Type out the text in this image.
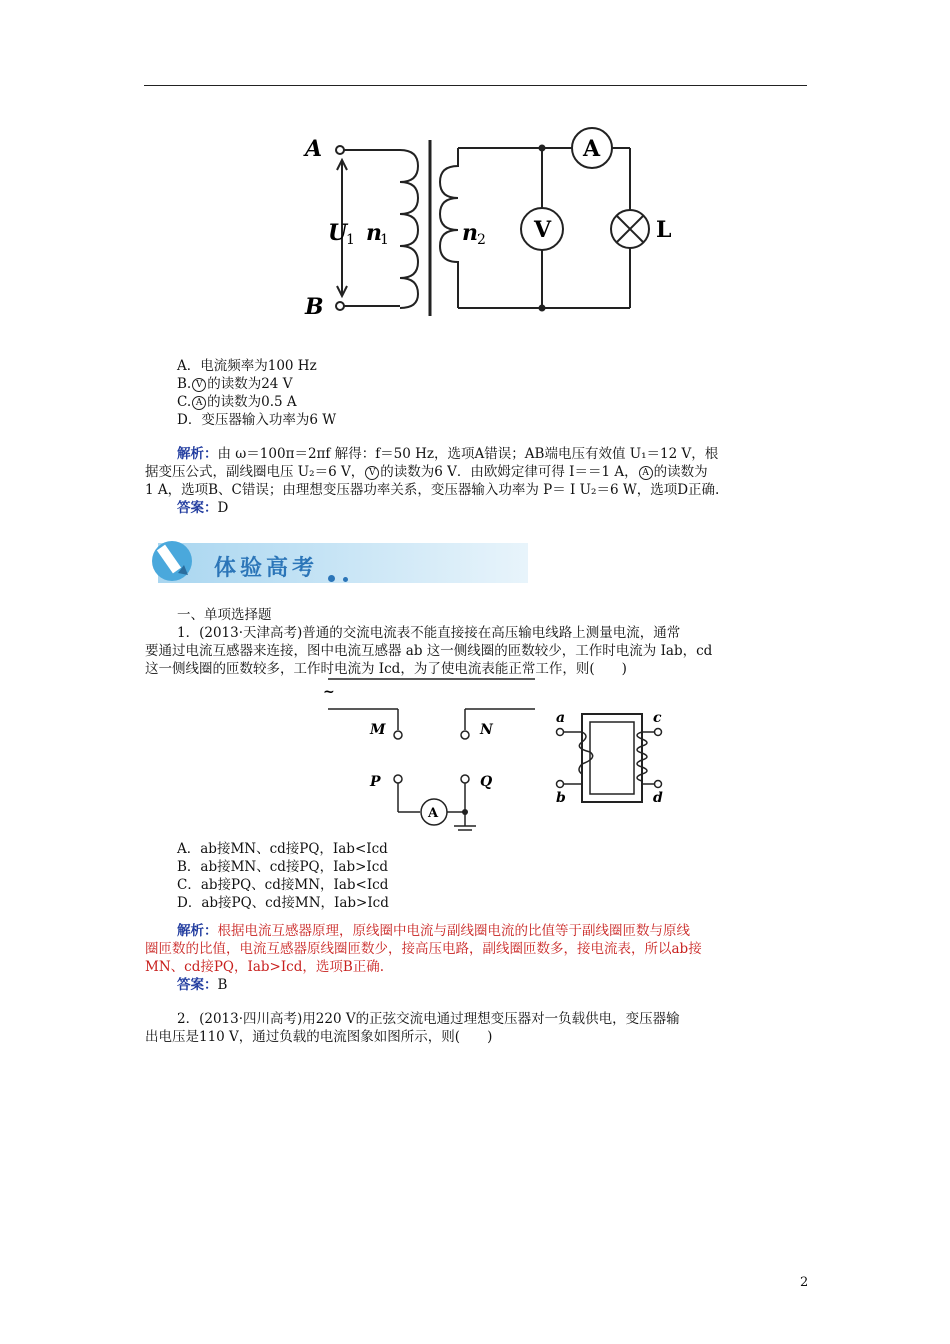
A
B
U
1 n
1	n 2 V
A
L
A．电流频率为100 Hz
B. V 的读数为24 V
C. A 的读数为0.5 A
D．变压器输入功率为6 W
解析：由 ω＝100π＝2πf 解得：f＝50 Hz，选项A错误；AB端电压有效值 U₁＝12 V，根
据变压公式，副线圈电压 U₂＝6 V， V 的读数为6 V．由欧姆定律可得 I＝＝1 A， A 的读数为
1 A，选项B、C错误；由理想变压器功率关系，变压器输入功率为 P＝ I U₂＝6 W，选项D正确.
答案：D
体验高考

一、单项选择题
1．(2013·天津高考)普通的交流电流表不能直接接在高压输电线路上测量电流，通常
要通过电流互感器来连接，图中电流互感器 ab 这一侧线圈的匝数较少，工作时电流为 Iab，cd
这一侧线圈的匝数较多，工作时电流为 Icd，为了使电流表能正常工作，则(　　)
~
M	N
P	Q
A
a
b
c
d
A．ab接MN、cd接PQ，Iab<Icd
B．ab接MN、cd接PQ，Iab>Icd
C．ab接PQ、cd接MN，Iab<Icd
D．ab接PQ、cd接MN，Iab>Icd
解析：根据电流互感器原理，原线圈中电流与副线圈电流的比值等于副线圈匝数与原线
圈匝数的比值，电流互感器原线圈匝数少，接高压电路，副线圈匝数多，接电流表，所以ab接
MN、cd接PQ，Iab>Icd，选项B正确.
答案：B
2．(2013·四川高考)用220 V的正弦交流电通过理想变压器对一负载供电，变压器输
出电压是110 V，通过负载的电流图象如图所示，则(　　)
2
